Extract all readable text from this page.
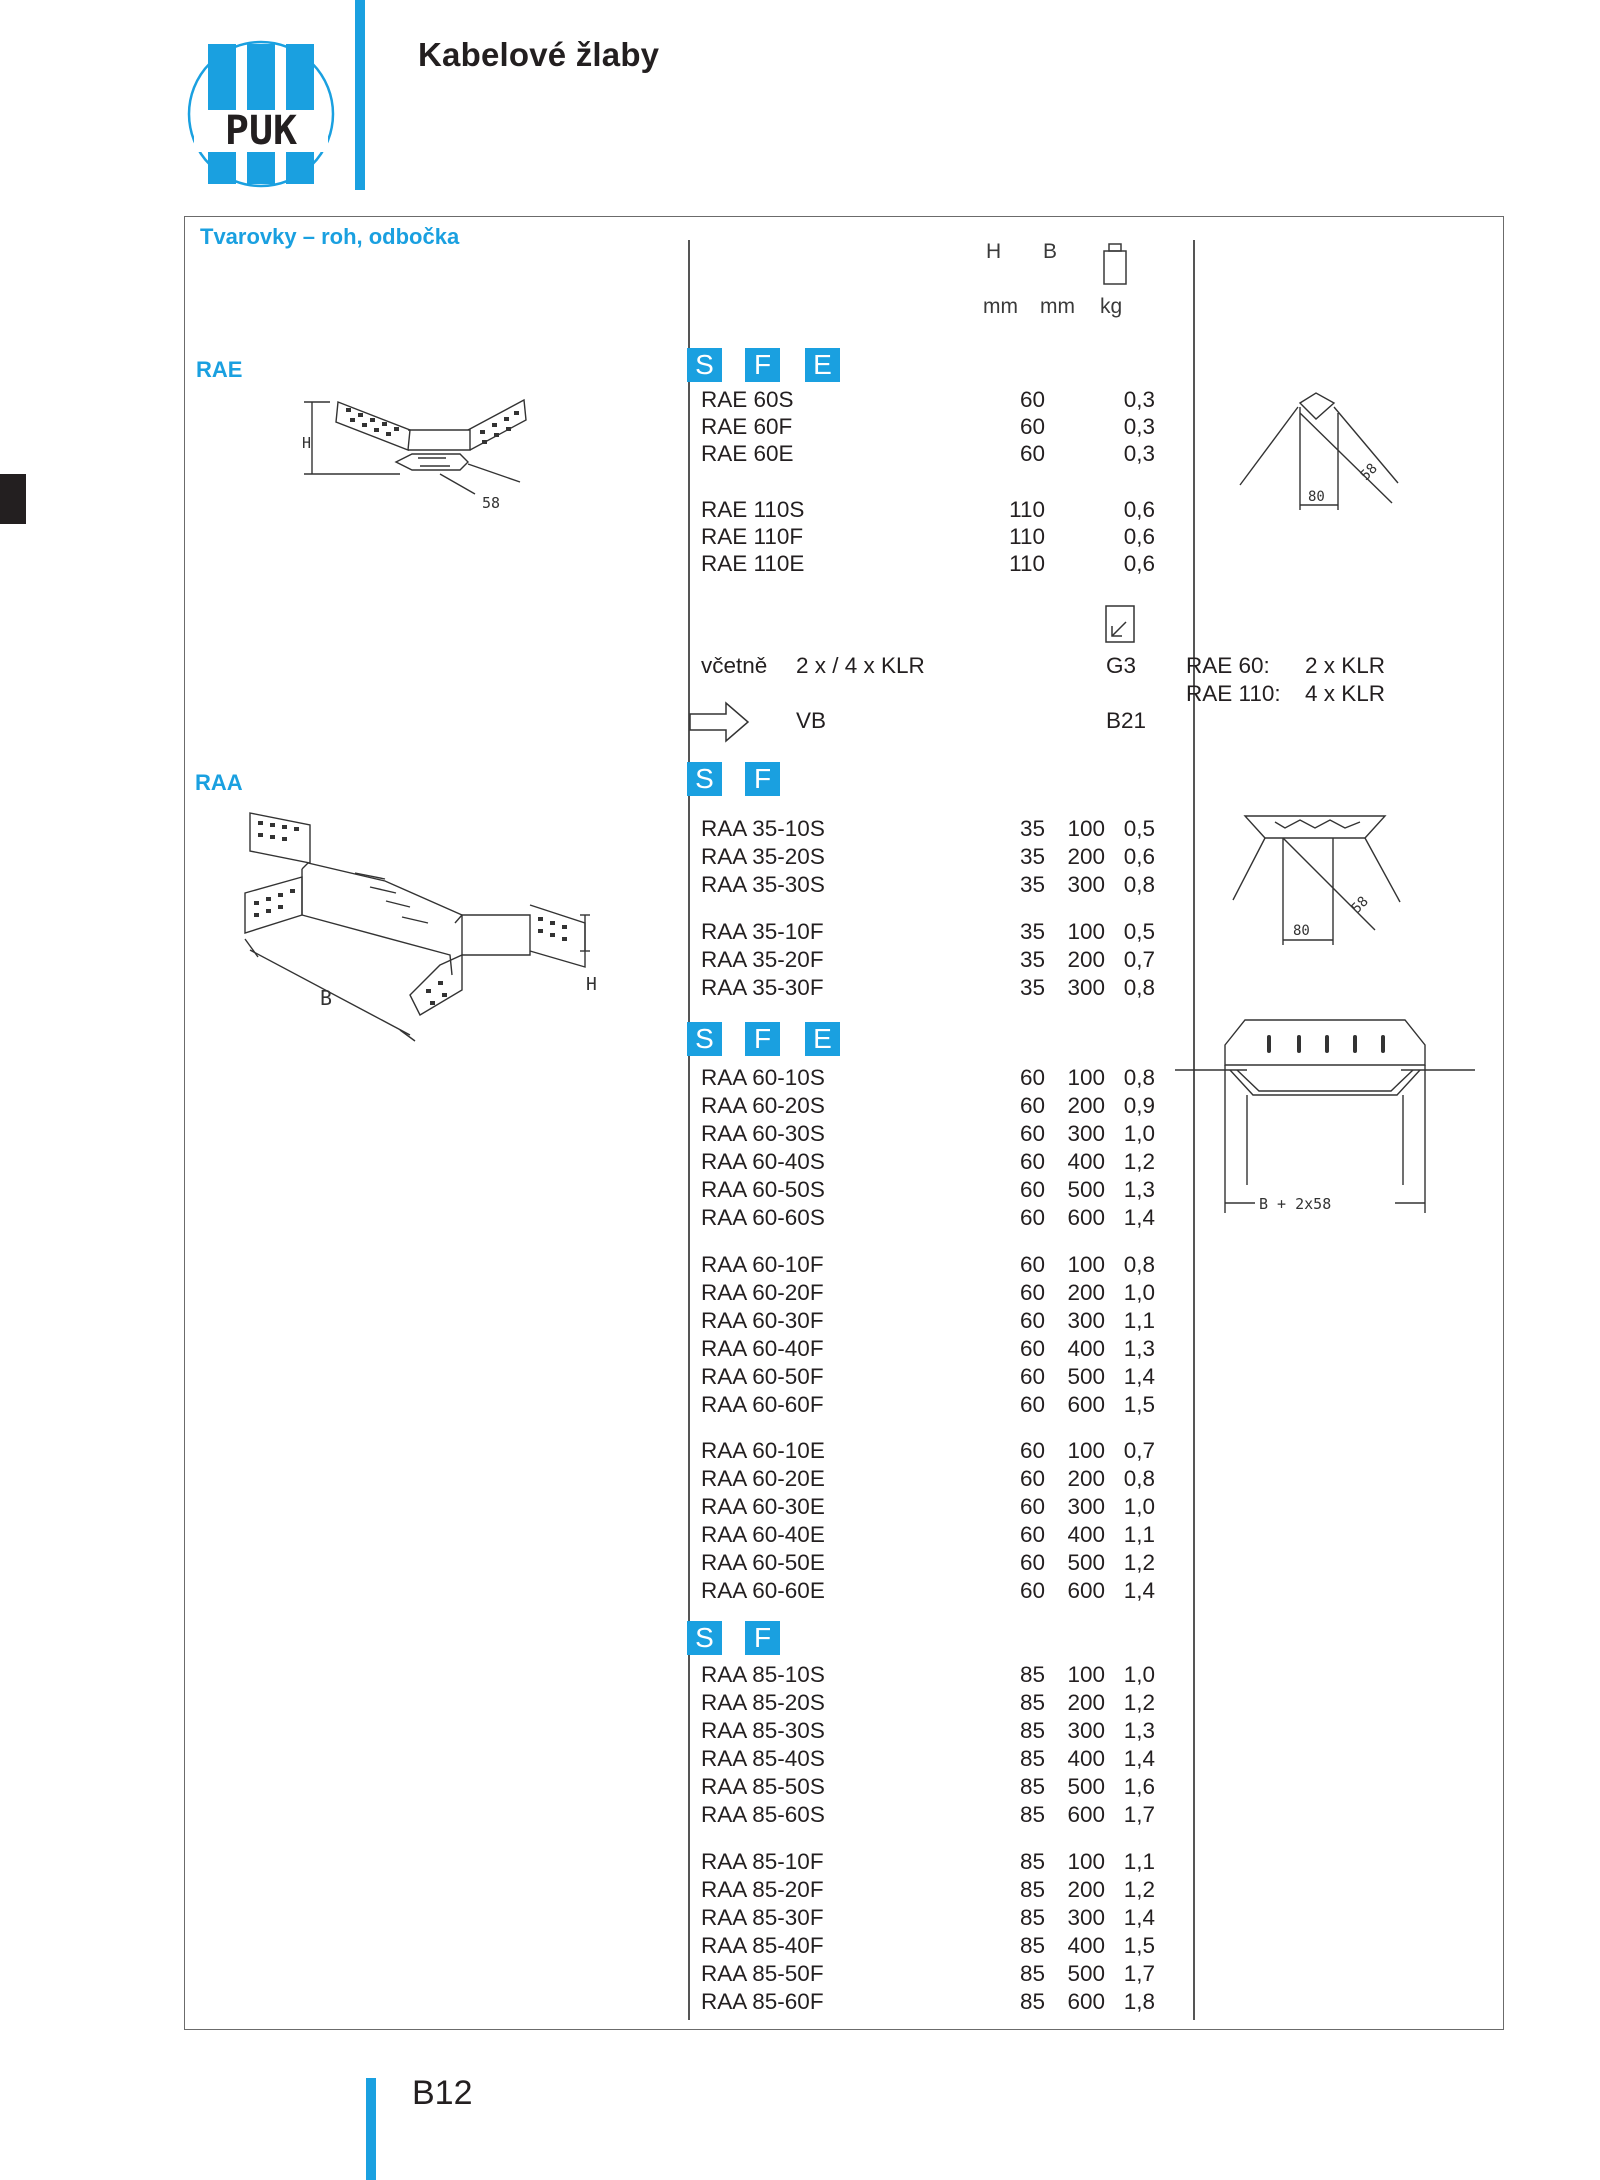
PUK
Kabelové žlaby
Tvarovky – roh, odbočka
H B
mm mm kg
RAE
H
58
S	F	E
RAE 60S	60	0,3
RAE 60F	60	0,3
RAE 60E	60	0,3
RAE 110S	110	0,6
RAE 110F	110	0,6
RAE 110E	110	0,6
včetně 2 x / 4 x KLR	G3
VB	B21
80
58
RAE 60: 2 x KLR
RAE 110: 4 x KLR
RAA
B
H
80
58
B + 2x58
S	F
RAA 35-10S	35 100 0,5
RAA 35-20S	35 200 0,6
RAA 35-30S	35 300 0,8
RAA 35-10F	35 100 0,5
RAA 35-20F	35 200 0,7
RAA 35-30F	35 300 0,8
S	F	E
RAA 60-10S	60 100 0,8
RAA 60-20S	60 200 0,9
RAA 60-30S	60 300 1,0
RAA 60-40S	60 400 1,2
RAA 60-50S	60 500 1,3
RAA 60-60S	60 600 1,4
RAA 60-10F	60 100 0,8
RAA 60-20F	60 200 1,0
RAA 60-30F	60 300 1,1
RAA 60-40F	60 400 1,3
RAA 60-50F	60 500 1,4
RAA 60-60F	60 600 1,5
RAA 60-10E	60 100 0,7
RAA 60-20E	60 200 0,8
RAA 60-30E	60 300 1,0
RAA 60-40E	60 400 1,1
RAA 60-50E	60 500 1,2
RAA 60-60E	60 600 1,4
S	F
RAA 85-10S	85 100 1,0
RAA 85-20S	85 200 1,2
RAA 85-30S	85 300 1,3
RAA 85-40S	85 400 1,4
RAA 85-50S	85 500 1,6
RAA 85-60S	85 600 1,7
RAA 85-10F	85 100 1,1
RAA 85-20F	85 200 1,2
RAA 85-30F	85 300 1,4
RAA 85-40F	85 400 1,5
RAA 85-50F	85 500 1,7
RAA 85-60F	85 600 1,8
B12
